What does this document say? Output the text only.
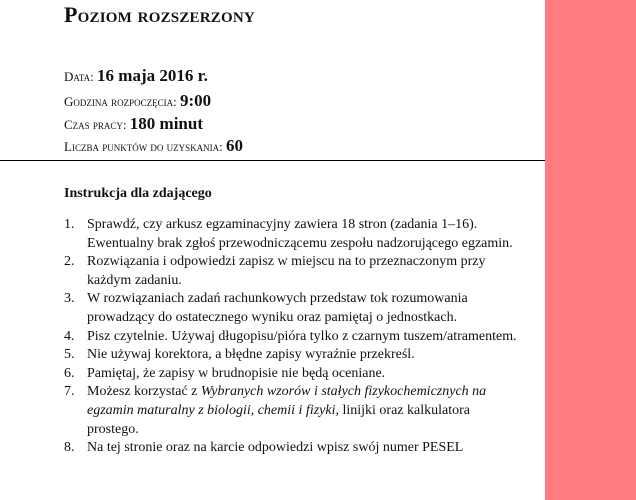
Poziom rozszerzony
Data: 16 maja 2016 r.
Godzina rozpoczęcia: 9:00
Czas pracy: 180 minut
Liczba punktów do uzyskania: 60
Instrukcja dla zdającego
1. Sprawdź, czy arkusz egzaminacyjny zawiera 18 stron (zadania 1–16). Ewentualny brak zgłoś przewodniczącemu zespołu nadzorującego egzamin.
2. Rozwiązania i odpowiedzi zapisz w miejscu na to przeznaczonym przy każdym zadaniu.
3. W rozwiązaniach zadań rachunkowych przedstaw tok rozumowania prowadzący do ostatecznego wyniku oraz pamiętaj o jednostkach.
4. Pisz czytelnie. Używaj długopisu/pióra tylko z czarnym tuszem/atramentem.
5. Nie używaj korektora, a błędne zapisy wyraźnie przekreśl.
6. Pamiętaj, że zapisy w brudnopisie nie będą oceniane.
7. Możesz korzystać z Wybranych wzorów i stałych fizykochemicznych na egzamin maturalny z biologii, chemii i fizyki, linijki oraz kalkulatora prostego.
8. Na tej stronie oraz na karcie odpowiedzi wpisz swój numer PESEL
